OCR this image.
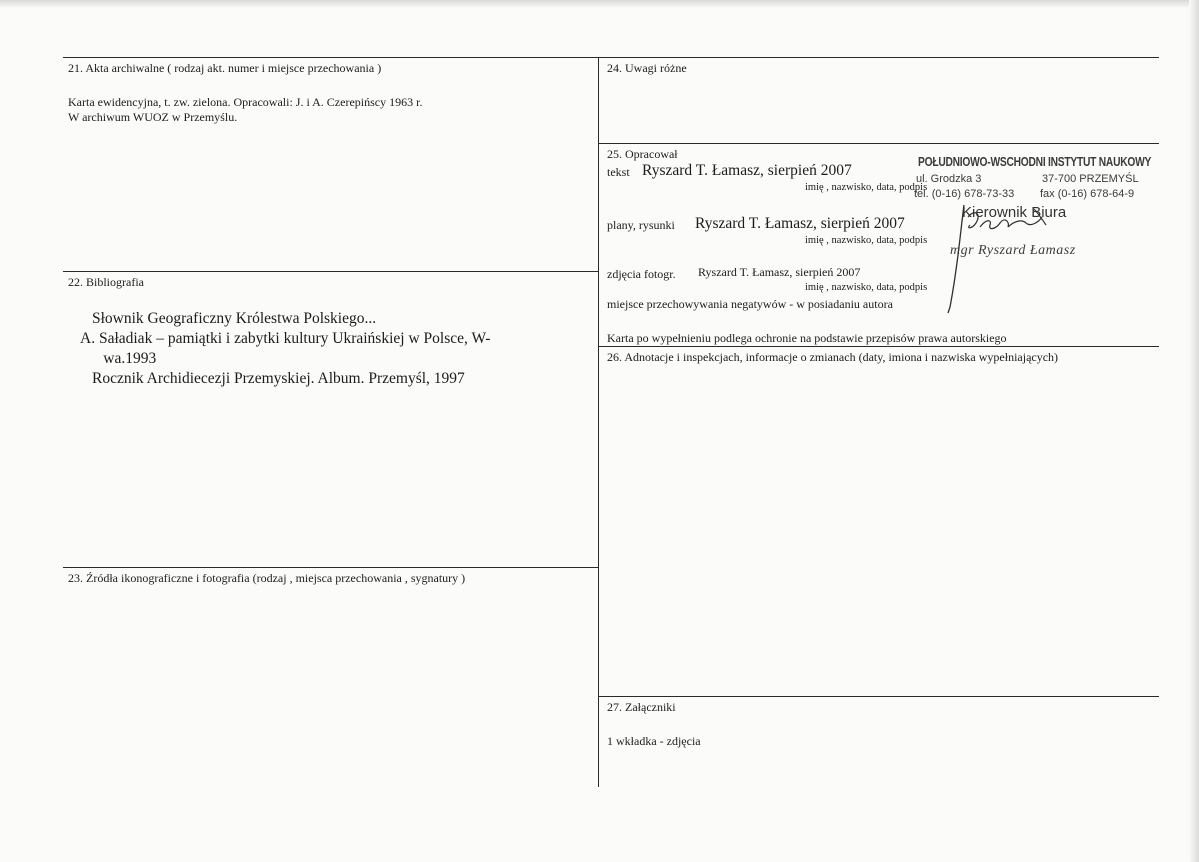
21. Akta archiwalne ( rodzaj akt. numer i miejsce przechowania )
Karta ewidencyjna, t. zw. zielona. Opracowali: J. i A. Czerepińscy 1963 r.
W archiwum WUOZ w Przemyślu.
22. Bibliografia
Słownik Geograficzny Królestwa Polskiego...
A. Saładiak – pamiątki i zabytki kultury Ukraińskiej w Polsce, W-
wa.1993
Rocznik Archidiecezji Przemyskiej. Album. Przemyśl, 1997
23. Źródła ikonograficzne i fotografia (rodzaj , miejsca przechowania , sygnatury )
24. Uwagi różne
25. Opracował
tekst Ryszard T. Łamasz, sierpień 2007
imię , nazwisko, data, podpis
plany, rysunki Ryszard T. Łamasz, sierpień 2007
imię , nazwisko, data, podpis
zdjęcia fotogr. Ryszard T. Łamasz, sierpień 2007
imię , nazwisko, data, podpis
miejsce przechowywania negatywów - w posiadaniu autora
Karta po wypełnieniu podlega ochronie na podstawie przepisów prawa autorskiego
POŁUDNIOWO-WSCHODNI INSTYTUT NAUKOWY
ul. Grodzka 3	37-700 PRZEMYŚL
tel. (0-16) 678-73-33 fax (0-16) 678-64-9
Kierownik Biura
mgr Ryszard Łamasz
26. Adnotacje i inspekcjach, informacje o zmianach (daty, imiona i nazwiska wypełniających)
27. Załączniki
1 wkładka - zdjęcia
